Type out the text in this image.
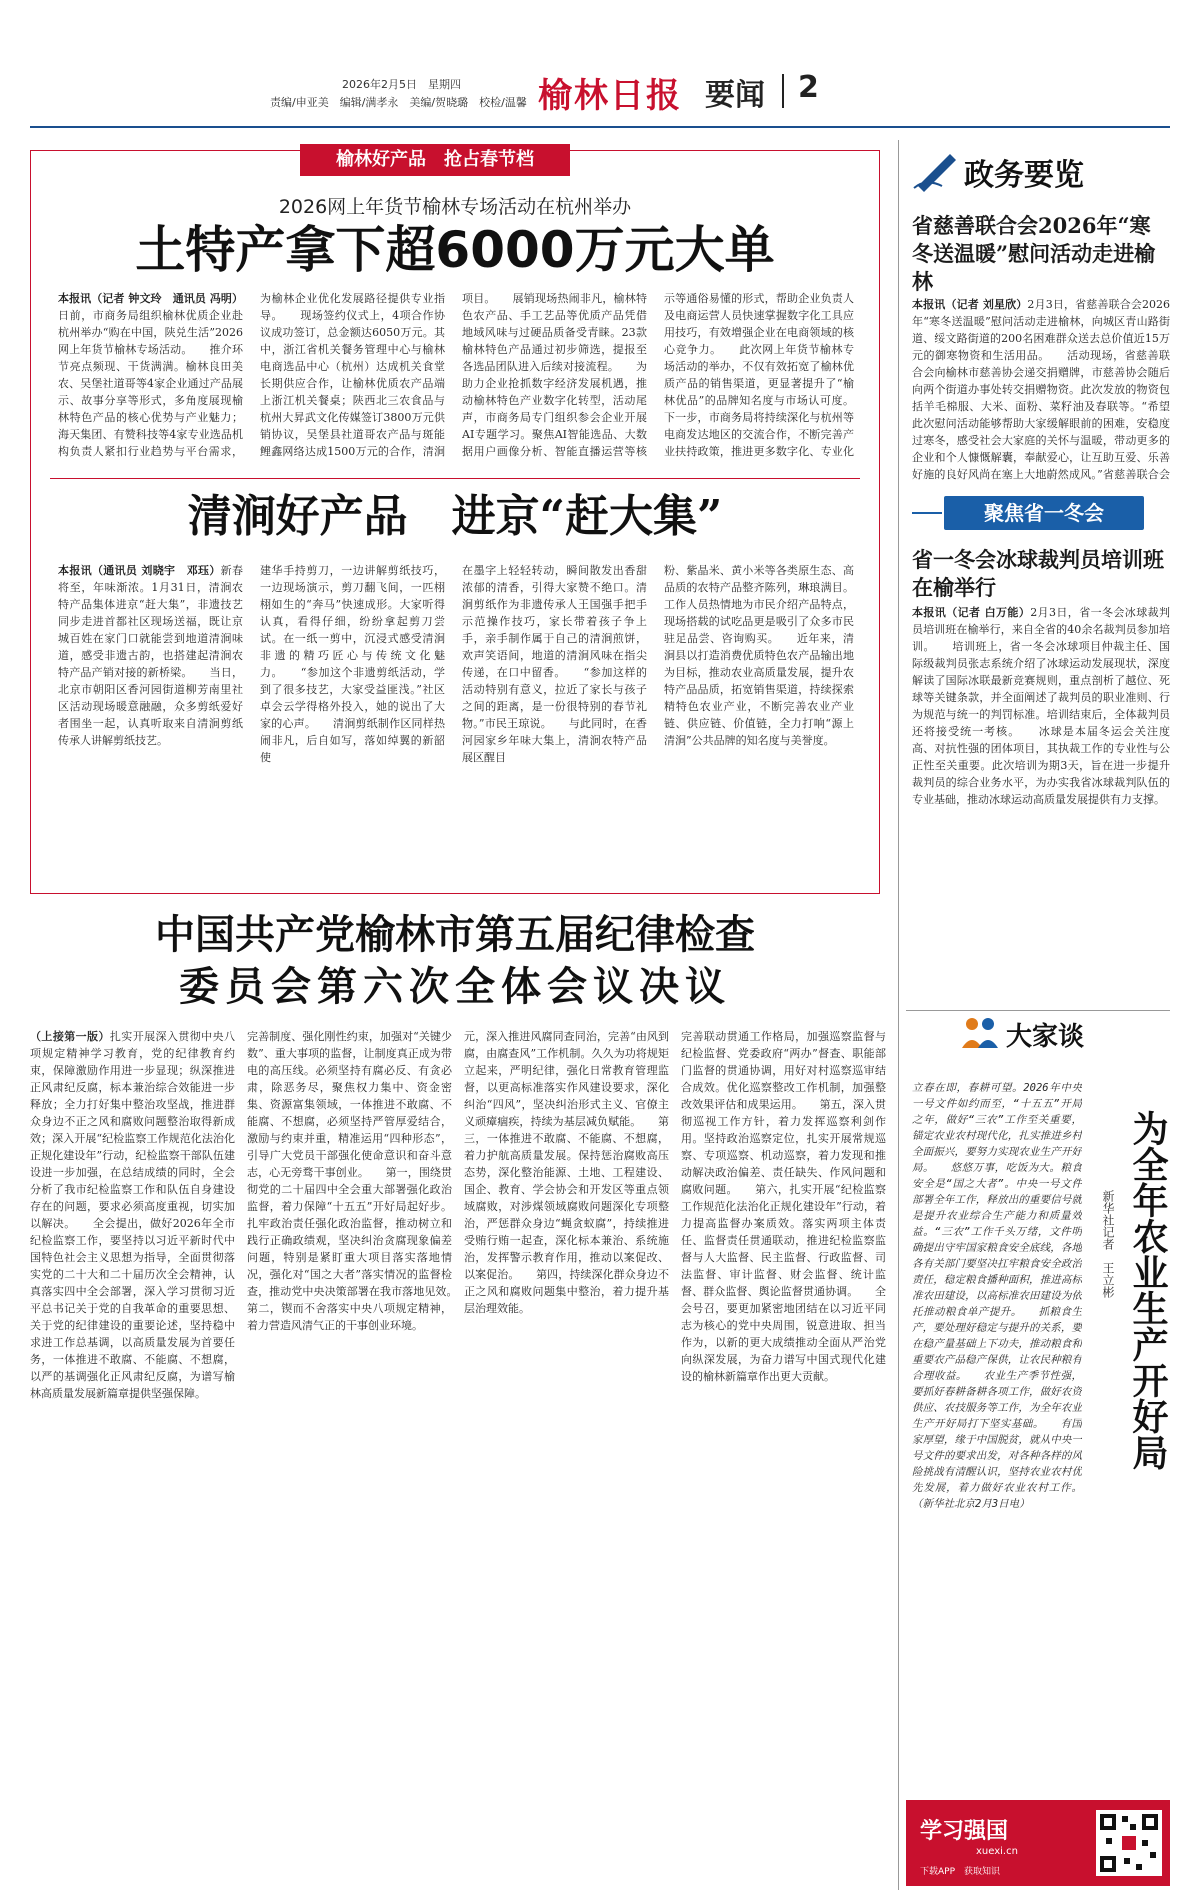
2026年2月5日　星期四
责编/申亚美　编辑/满孝永　美编/贺晓璐　校检/温馨 榆林日报 要闻 2
榆林好产品　抢占春节档
2026网上年货节榆林专场活动在杭州举办
土特产拿下超6000万元大单
本报讯（记者 钟文玲　通讯员 冯明）日前，市商务局组织榆林优质企业赴杭州举办“购在中国，陕兑生活”2026网上年货节榆林专场活动。　　推介环节亮点频现、干货满满。榆林良田美农、吴堡社道哥等4家企业通过产品展示、故事分享等形式，多角度展现榆林特色产品的核心优势与产业魅力；海天集团、有赞科技等4家专业选品机构负责人紧扣行业趋势与平台需求，
为榆林企业优化发展路径提供专业指导。　　现场签约仪式上，4项合作协议成功签订，总金额达6050万元。其中，浙江省机关餐务管理中心与榆林电商选品中心（杭州）达成机关食堂长期供应合作，让榆林优质农产品端上浙江机关餐桌；陕西北三农食品与杭州大昇武文化传媒签订3800万元供销协议，吴堡县社道哥农产品与斑能鲤鑫网络达成1500万元的合作，清涧
项目。　　展销现场热闹非凡，榆林特色农产品、手工艺品等优质产品凭借地域风味与过硬品质备受青睐。23款榆林特色产品通过初步筛选，提报至各选品团队进入后续对接流程。　　为助力企业抢抓数字经济发展机遇，推动榆林特色产业数字化转型，活动尾声，市商务局专门组织参会企业开展AI专题学习。聚焦AI智能选品、大数据用户画像分析、智能直播运营等核
示等通俗易懂的形式，帮助企业负责人及电商运营人员快速掌握数字化工具应用技巧，有效增强企业在电商领域的核心竞争力。　　此次网上年货节榆林专场活动的举办，不仅有效拓宽了榆林优质产品的销售渠道，更显著提升了“榆林优品”的品牌知名度与市场认可度。下一步，市商务局将持续深化与杭州等电商发达地区的交流合作，不断完善产业扶持政策，推进更多数字化、专业化
清涧好产品　进京“赶大集”
本报讯（通讯员 刘晓宇　邓珏）新春将至，年味渐浓。1月31日，清涧农特产品集体进京“赶大集”，非遗技艺同步走进首都社区现场送福，既让京城百姓在家门口就能尝到地道清涧味道，感受非遗古韵，也搭建起清涧农特产品产销对接的新桥梁。　　当日，北京市朝阳区香河园街道柳芳南里社区活动现场暖意融融，众多剪纸爱好者围坐一起，认真听取来自清涧剪纸传承人讲解剪纸技艺。
建华手持剪刀，一边讲解剪纸技巧，一边现场演示，剪刀翻飞间，一匹栩栩如生的“奔马”快速成形。大家听得认真，看得仔细，纷纷拿起剪刀尝试。在一纸一剪中，沉浸式感受清涧非遗的精巧匠心与传统文化魅力。　　“参加这个非遗剪纸活动，学到了很多技艺，大家受益匪浅。”社区卓会云学得格外投入，她的说出了大家的心声。　　清涧剪纸制作区同样热闹非凡，后自如写，落如绰翼的新韶使
在墨字上轻轻转动，瞬间散发出香甜浓郁的清香，引得大家赞不绝口。清涧剪纸作为非遗传承人王国强手把手示范操作技巧，家长带着孩子争上手，亲手制作属于自己的清涧煎饼，欢声笑语间，地道的清涧风味在指尖传递，在口中留香。　　“参加这样的活动特别有意义，拉近了家长与孩子之间的距离，是一份很特别的春节礼物。”市民王琼说。　　与此同时，在香河园家乡年味大集上，清涧农特产品展区醒目
粉、紫晶米、黄小米等各类原生态、高品质的农特产品整齐陈列，琳琅满目。工作人员热情地为市民介绍产品特点，现场搭载的试吃品更是吸引了众多市民驻足品尝、咨询购买。　　近年来，清涧县以打造消费优质特色农产品输出地为目标，推动农业高质量发展，提升农特产品品质，拓宽销售渠道，持续探索精特色农业产业，不断完善农业产业链、供应链、价值链，全力打响“源上清涧”公共品牌的知名度与美誉度。
中国共产党榆林市第五届纪律检查
委员会第六次全体会议决议
（上接第一版）扎实开展深入贯彻中央八项规定精神学习教育，党的纪律教育约束，保障激励作用进一步显现；纵深推进正风肃纪反腐，标本兼治综合效能进一步释放；全力打好集中整治攻坚战，推进群众身边不正之风和腐败问题整治取得新成效；深入开展“纪检监察工作规范化法治化正规化建设年”行动，纪检监察干部队伍建设进一步加强，在总结成绩的同时，全会分析了我市纪检监察工作和队伍自身建设存在的问题，要求必须高度重视，切实加以解决。　　全会提出，做好2026年全市纪检监察工作，要坚持以习近平新时代中国特色社会主义思想为指导，全面贯彻落实党的二十大和二十届历次全会精神，认真落实四中全会部署，深入学习贯彻习近平总书记关于党的自我革命的重要思想、关于党的纪律建设的重要论述，坚持稳中求进工作总基调，以高质量发展为首要任务，一体推进不敢腐、不能腐、不想腐，以严的基调强化正风肃纪反腐，为谱写榆林高质量发展新篇章提供坚强保障。
完善制度、强化刚性约束，加强对“关键少数”、重大事项的监督，让制度真正成为带电的高压线。必须坚持有腐必反、有贪必肃，除恶务尽，聚焦权力集中、资金密集、资源富集领域，一体推进不敢腐、不能腐、不想腐，必须坚持严管厚爱结合，激励与约束并重，精准运用“四种形态”，引导广大党员干部强化使命意识和奋斗意志，心无旁骛干事创业。　　第一，围绕贯彻党的二十届四中全会重大部署强化政治监督，着力保障“十五五”开好局起好步。扎牢政治责任强化政治监督，推动树立和践行正确政绩观，坚决纠治贪腐现象偏差问题，特别是紧盯重大项目落实落地情况，强化对“国之大者”落实情况的监督检查，推动党中央决策部署在我市落地见效。　　第二，锲而不舍落实中央八项规定精神，着力营造风清气正的干事创业环境。
元，深入推进风腐同查同治，完善“由风到腐，由腐查风”工作机制。久久为功将规矩立起来，严明纪律，强化日常教育管理监督，以更高标准落实作风建设要求，深化纠治“四风”，坚决纠治形式主义、官僚主义顽瘴痼疾，持续为基层减负赋能。　　第三，一体推进不敢腐、不能腐、不想腐，着力护航高质量发展。保持惩治腐败高压态势，深化整治能源、土地、工程建设、国企、教育、学会协会和开发区等重点领域腐败，对涉煤领域腐败问题深化专项整治，严惩群众身边“蝇贪蚁腐”，持续推进受贿行贿一起查，深化标本兼治、系统施治，发挥警示教育作用，推动以案促改、以案促治。　　第四，持续深化群众身边不正之风和腐败问题集中整治，着力提升基层治理效能。
完善联动贯通工作格局，加强巡察监督与纪检监督、党委政府“两办”督查、职能部门监督的贯通协调，用好对村巡察巡审结合成效。优化巡察整改工作机制，加强整改效果评估和成果运用。　　第五，深入贯彻巡视工作方针，着力发挥巡察利剑作用。坚持政治巡察定位，扎实开展常规巡察、专项巡察、机动巡察，着力发现和推动解决政治偏差、责任缺失、作风问题和腐败问题。　　第六，扎实开展“纪检监察工作规范化法治化正规化建设年”行动，着力提高监督办案质效。落实两项主体责任、监督责任贯通联动，推进纪检监察监督与人大监督、民主监督、行政监督、司法监督、审计监督、财会监督、统计监督、群众监督、舆论监督贯通协调。　　全会号召，要更加紧密地团结在以习近平同志为核心的党中央周围，锐意进取、担当作为，以新的更大成绩推动全面从严治党向纵深发展，为奋力谱写中国式现代化建设的榆林新篇章作出更大贡献。
政务要览
省慈善联合会2026年“寒冬送温暖”慰问活动走进榆林
本报讯（记者 刘星欣）2月3日，省慈善联合会2026年“寒冬送温暖”慰问活动走进榆林，向城区青山路街道、绥文路街道的200名困难群众送去总价值近15万元的御寒物资和生活用品。　　活动现场，省慈善联合会向榆林市慈善协会递交捐赠牌，市慈善协会随后向两个街道办事处转交捐赠物资。此次发放的物资包括羊毛棉服、大米、面粉、菜籽油及春联等。“希望此次慰问活动能够帮助大家缓解眼前的困难，安稳度过寒冬，感受社会大家庭的关怀与温暖，带动更多的企业和个人慷慨解囊，奉献爱心，让互助互爱、乐善好施的良好风尚在塞上大地蔚然成风。”省慈善联合会
聚焦省一冬会
省一冬会冰球裁判员培训班在榆举行
本报讯（记者 白万能）2月3日，省一冬会冰球裁判员培训班在榆举行，来自全省的40余名裁判员参加培训。　　培训班上，省一冬会冰球项目仲裁主任、国际级裁判员张志系统介绍了冰球运动发展现状，深度解读了国际冰联最新竞赛规则，重点剖析了越位、死球等关键条款，并全面阐述了裁判员的职业准则、行为规范与统一的判罚标准。培训结束后，全体裁判员还将接受统一考核。　　冰球是本届冬运会关注度高、对抗性强的团体项目，其执裁工作的专业性与公正性至关重要。此次培训为期3天，旨在进一步提升裁判员的综合业务水平，为办实我省冰球裁判队伍的专业基础，推动冰球运动高质量发展提供有力支撑。
大家谈
立春在即，春耕可望。2026年中央一号文件如约而至，“十五五”开局之年，做好“三农”工作至关重要，锚定农业农村现代化，扎实推进乡村全面振兴，要努力实现农业生产开好局。　　悠悠万事，吃饭为大。粮食安全是“国之大者”。中央一号文件部署全年工作，释放出的重要信号就是提升农业综合生产能力和质量效益。“三农”工作千头万绪，文件明确提出守牢国家粮食安全底线，各地各有关部门要坚决扛牢粮食安全政治责任，稳定粮食播种面积，推进高标准农田建设，以高标准农田建设为依托推动粮食单产提升。　　抓粮食生产，要处理好稳定与提升的关系，要在稳产量基础上下功夫，推动粮食和重要农产品稳产保供，让农民种粮有合理收益。　　农业生产季节性强，要抓好春耕备耕各项工作，做好农资供应、农技服务等工作，为全年农业生产开好局打下坚实基础。　　有国家厚望，缘于中国脱贫，就从中央一号文件的要求出发，对各种各样的风险挑战有清醒认识，坚持农业农村优先发展，着力做好农业农村工作。（新华社北京2月3日电）
新华社记者　王立彬 为全年农业生产开好局
学习强国
xuexi.cn
下载APP　获取知识
